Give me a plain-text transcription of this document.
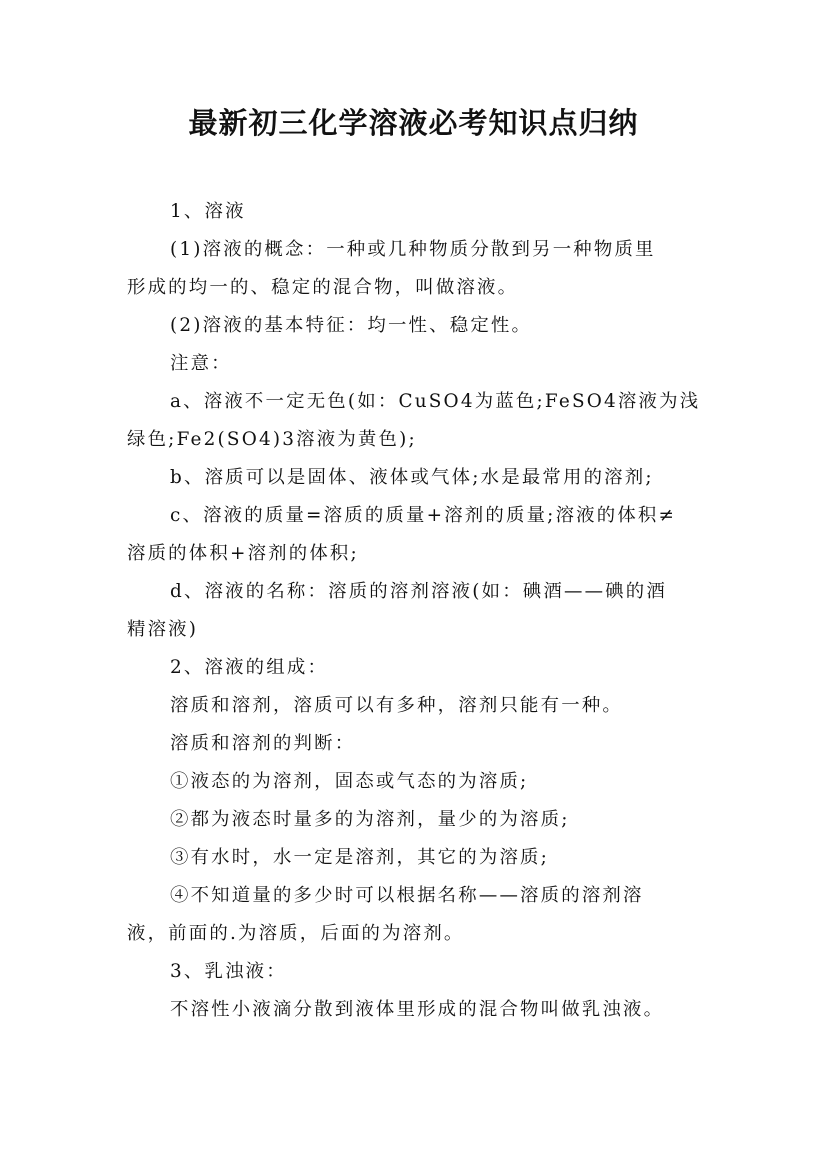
最新初三化学溶液必考知识点归纳
1、溶液
(1)溶液的概念：一种或几种物质分散到另一种物质里
形成的均一的、稳定的混合物，叫做溶液。
(2)溶液的基本特征：均一性、稳定性。
注意：
a、溶液不一定无色(如：CuSO4为蓝色;FeSO4溶液为浅
绿色;Fe2(SO4)3溶液为黄色);
b、溶质可以是固体、液体或气体;水是最常用的溶剂;
c、溶液的质量=溶质的质量+溶剂的质量;溶液的体积≠
溶质的体积+溶剂的体积;
d、溶液的名称：溶质的溶剂溶液(如：碘酒——碘的酒
精溶液)
2、溶液的组成：
溶质和溶剂，溶质可以有多种，溶剂只能有一种。
溶质和溶剂的判断：
①液态的为溶剂，固态或气态的为溶质;
②都为液态时量多的为溶剂，量少的为溶质;
③有水时，水一定是溶剂，其它的为溶质;
④不知道量的多少时可以根据名称——溶质的溶剂溶
液，前面的.为溶质，后面的为溶剂。
3、乳浊液：
不溶性小液滴分散到液体里形成的混合物叫做乳浊液。
